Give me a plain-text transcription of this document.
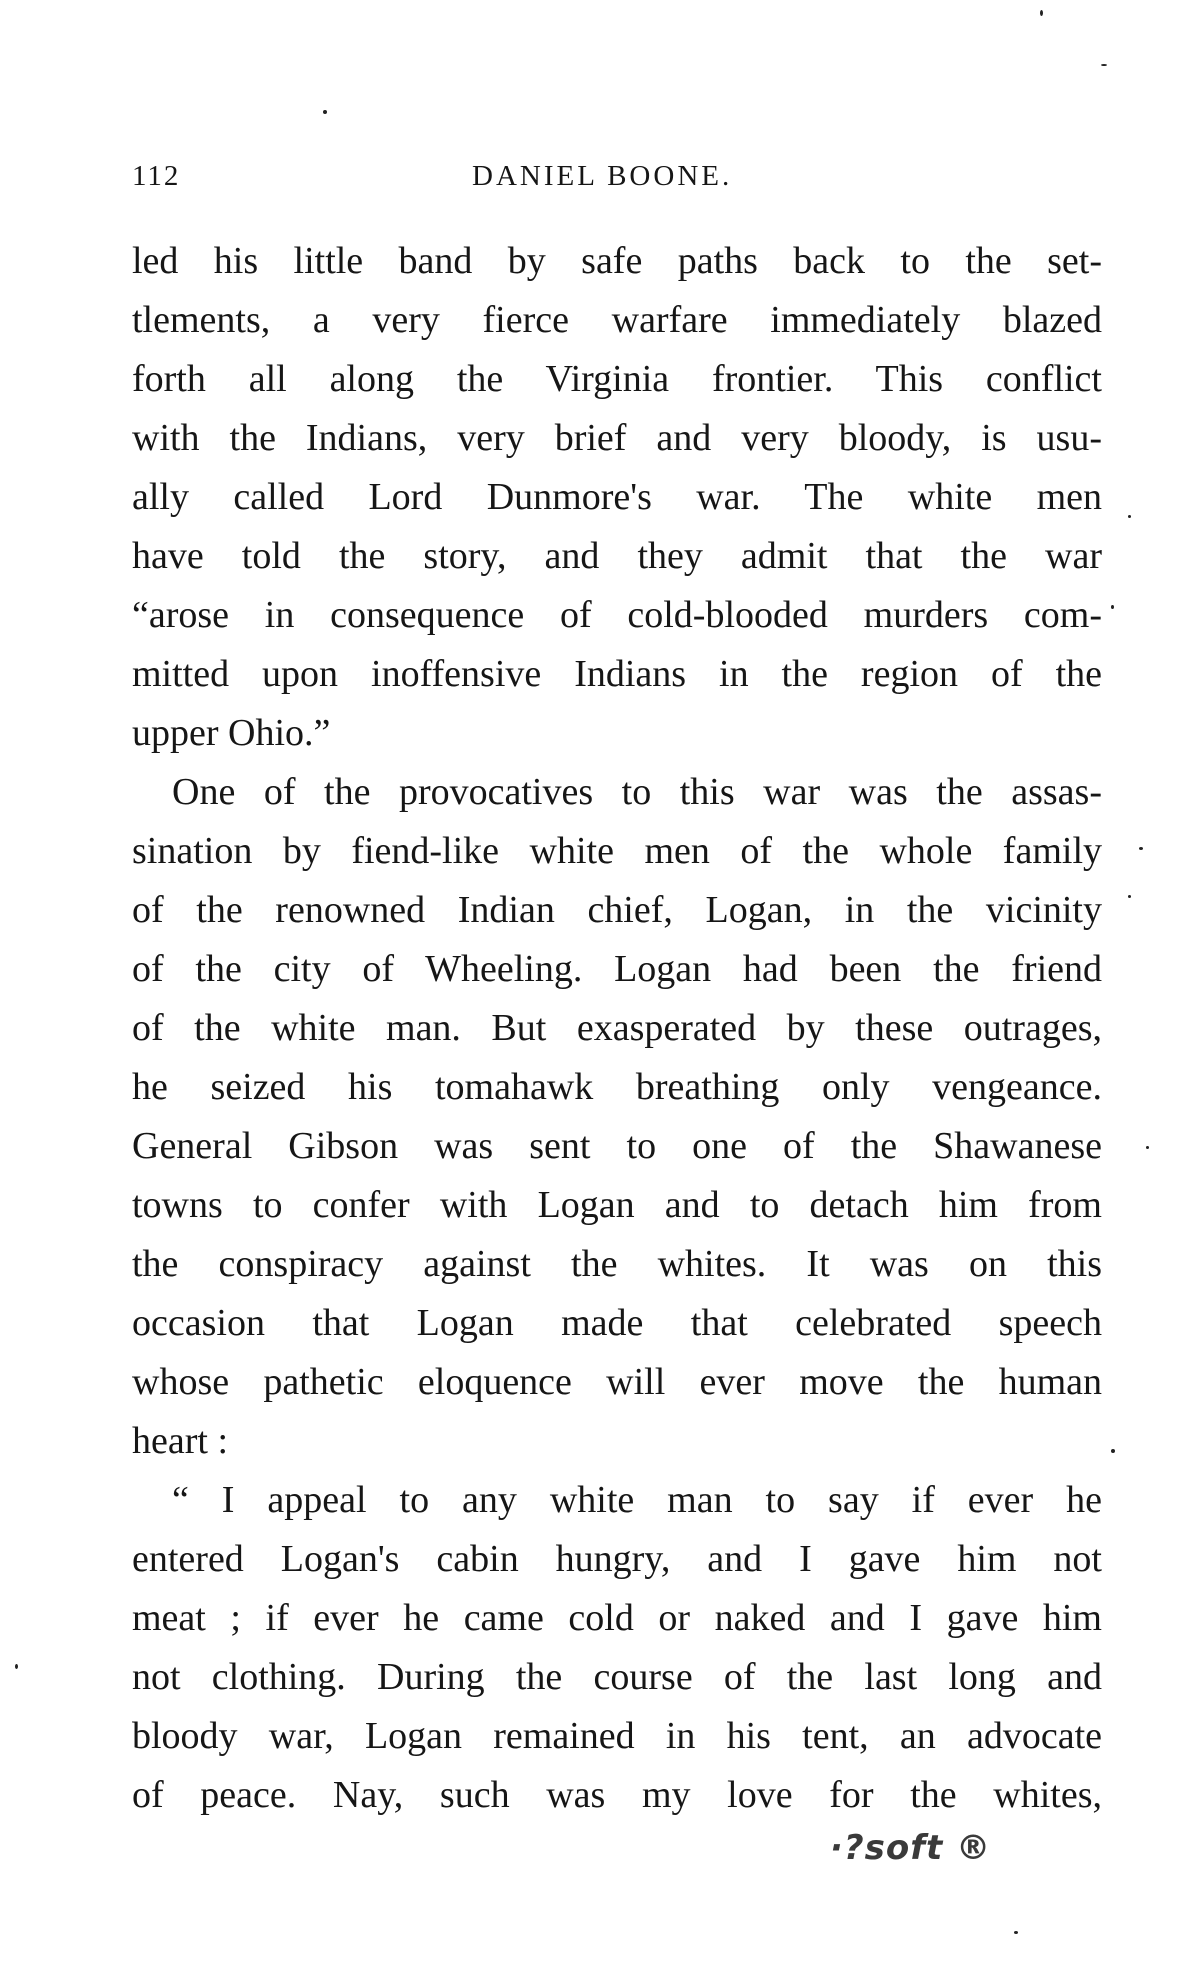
112	DANIEL BOONE.
led his little band by safe paths back to the set-
tlements, a very fierce warfare immediately blazed
forth all along the Virginia frontier. This conflict
with the Indians, very brief and very bloody, is usu-
ally called Lord Dunmore's war. The white men
have told the story, and they admit that the war
“arose in consequence of cold-blooded murders com-
mitted upon inoffensive Indians in the region of the
upper Ohio.”
One of the provocatives to this war was the assas-
sination by fiend-like white men of the whole family
of the renowned Indian chief, Logan, in the vicinity
of the city of Wheeling. Logan had been the friend
of the white man. But exasperated by these outrages,
he seized his tomahawk breathing only vengeance.
General Gibson was sent to one of the Shawanese
towns to confer with Logan and to detach him from
the conspiracy against the whites. It was on this
occasion that Logan made that celebrated speech
whose pathetic eloquence will ever move the human
heart :
“ I appeal to any white man to say if ever he
entered Logan's cabin hungry, and I gave him not
meat ; if ever he came cold or naked and I gave him
not clothing. During the course of the last long and
bloody war, Logan remained in his tent, an advocate
of peace. Nay, such was my love for the whites,
·?soft ®
